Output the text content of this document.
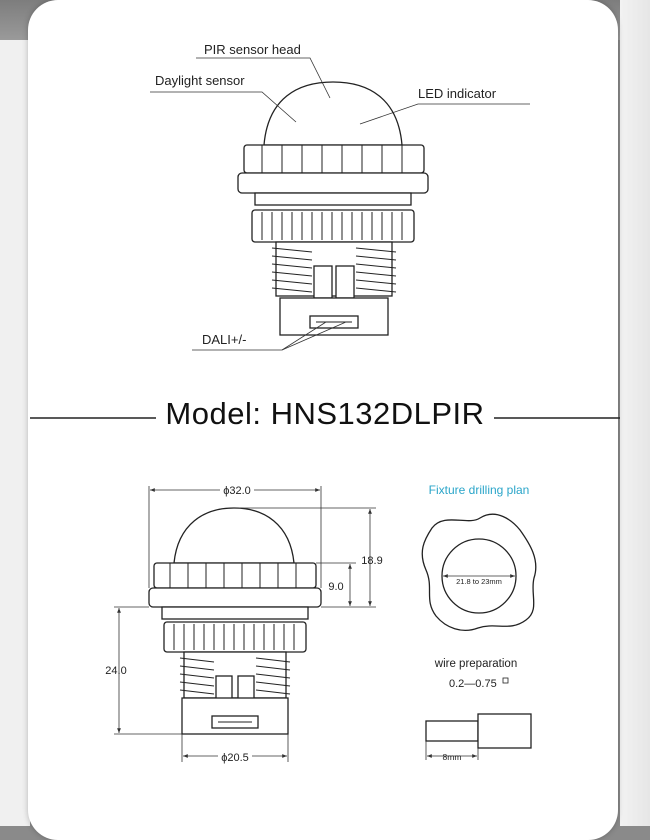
PIR sensor head
Daylight sensor
LED indicator
DALI+/-
ϕ32.0
18.9
9.0
24.0
ϕ20.5
Fixture drilling plan
21.8 to 23mm
wire preparation
0.2—0.75
8mm
Model: HNS132DLPIR
